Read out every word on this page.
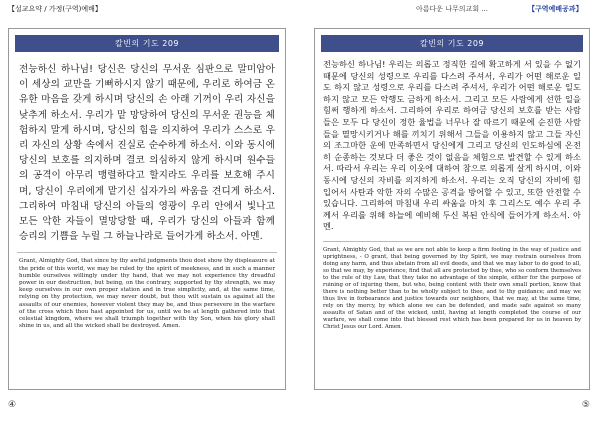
【설교요약 / 가정(구역)예배】
칼빈의 기도 209
전능하신 하나님! 당신은 당신의 무서운 심판으로 말미암아 이 세상의 교만을 기뻐하시지 않기 때문에, 우리로 하여금 온유한 마음을 갖게 하시며 당신의 손 아래 기꺼이 우리 자신을 낮추게 하소서. 우리가 맡 망당하여 당신의 무서운 권능을 체험하지 말게 하시며, 당신의 힘을 의지하여 우리가 스스로 우리 자신의 상황 속에서 진실로 순수하게 하소서. 이와 동시에 당신의 보호를 의지하며 결코 의심하지 않게 하시며 원수들의 공격이 아무리 맹렬하다고 할지라도 우리를 보호해 주시며, 당신이 우리에게 맡기신 십자가의 싸움을 견디게 하소서. 그리하여 마침내 당신의 아들의 영광이 우리 안에서 빛나고 모든 악한 자들이 멸망당할 때, 우리가 당신의 아들과 함께 승리의 기쁨을 누릴 그 하늘나라로 들어가게 하소서. 아멘.
Grant, Almighty God, that since by thy awful judgments thou dost show thy displeasure at the pride of this world, we may be ruled by the spirit of meekness, and in such a manner humble ourselves willingly under thy hand, that we may not experience thy dreadful power in our destruction, but being, on the contrary, supported by thy strength, we may keep ourselves in our own proper station and in true simplicity, and, at the same time, relying on thy protection, we may never doubt, but thou wilt sustain us against all the assaults of our enemies, however violent they may be, and thus persevere in the warfare of the cross which thou hast appointed for us, until we be at length gathered into that celestial kingdom, where we shall triumph together with thy Son, when his glory shall shine in us, and all the wicked shall be destroyed. Amen.
④
아름다운 나무의교회 ...	【구역예배공과】
칼빈의 기도 209
전능하신 하나님! 우리는 의롭고 정직한 길에 확고하게 서 있을 수 없기 때문에 당신의 성령으로 우리를 다스려 주셔서, 우리가 어떤 해로운 일도 하지 않고 성령으로 우리를 다스려 주셔서, 우리가 어떤 해로운 일도 하지 않고 모든 악행도 금하게 하소서. 그리고 모든 사람에게 선한 일을 힘써 행하게 하소서. 그리하여 우리로 하여금 당신의 보호를 받는 사람들은 모두 다 당신이 정한 율법을 너무나 잘 따르기 때문에 순진한 사람들을 멸망시키거나 해를 끼치기 위해서 그들을 이용하지 않고 그들 자신의 조그마한 운에 만족하면서 당신에게 그리고 당신의 인도하심에 온전히 순종하는 것보다 더 좋은 것이 없음을 체험으로 발견할 수 있게 하소서. 따라서 우리는 우리 이웃에 대하여 참으로 의롭게 살게 하시며, 이와 동시에 당신의 자비를 의지하게 하소서. 우리는 오직 당신의 자비에 힘입어서 사탄과 악한 자의 수많은 공격을 방어할 수 있고, 또한 안전할 수 있습니다. 그리하여 마침내 우리 싸움을 마치 후 그리스도 예수 우리 주께서 우리를 위해 하늘에 예비해 두신 복된 안식에 들어가게 하소서. 아멘.
Grant, Almighty God, that as we are not able to keep a firm footing in the way of justice and uprightness, - O grant, that being governed by thy Spirit, we may restrain ourselves from doing any harm, and thus abstain from all evil deeds, and that we may labor to do good to all, so that we may, by experience, find that all are protected by thee, who so conform themselves to the rule of thy Law, that they take no advantage of the simple, either for the purpose of ruining or of injuring them, but who, being content with their own small portion, know that there is nothing better than to be wholly subject to thee, and to thy guidance; and may we thus live in forbearance and justice towards our neighbors, that we may, at the same time, rely on thy mercy, by which alone we can be defended, and made safe against so many assaults of Satan and of the wicked, until, having at length completed the course of our warfare, we shall come into that blessed rest which has been prepared for us in heaven by Christ Jesus our Lord. Amen.
⑤
